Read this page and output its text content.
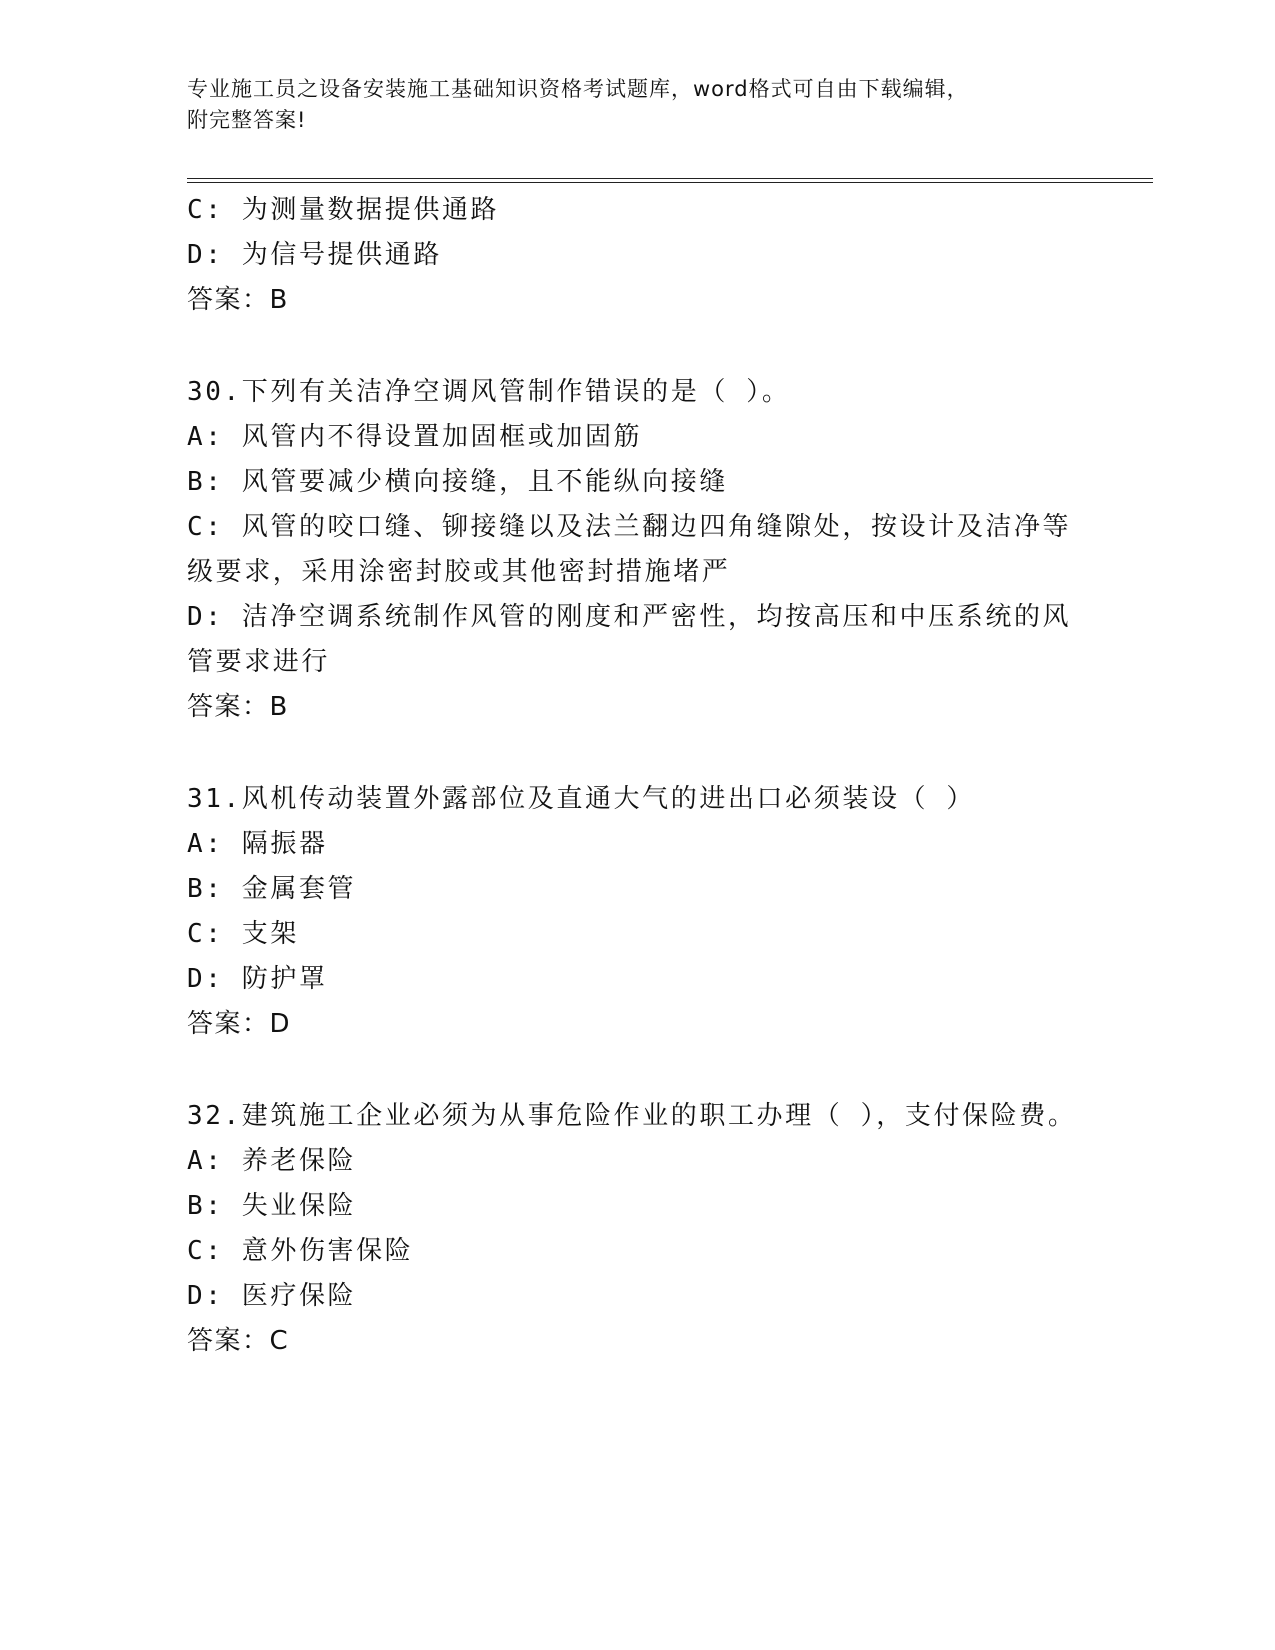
专业施工员之设备安装施工基础知识资格考试题库，word格式可自由下载编辑，

附完整答案!

C: 为测量数据提供通路

D: 为信号提供通路

答案：B

30.下列有关洁净空调风管制作错误的是（ ）。

A: 风管内不得设置加固框或加固筋

B: 风管要减少横向接缝，且不能纵向接缝

C: 风管的咬口缝、铆接缝以及法兰翻边四角缝隙处，按设计及洁净等级要求，采用涂密封胶或其他密封措施堵严

D: 洁净空调系统制作风管的刚度和严密性，均按高压和中压系统的风管要求进行

答案：B

31.风机传动装置外露部位及直通大气的进出口必须装设（ ）

A: 隔振器

B: 金属套管

C: 支架

D: 防护罩

答案：D

32.建筑施工企业必须为从事危险作业的职工办理（ ），支付保险费。

A: 养老保险

B: 失业保险

C: 意外伤害保险

D: 医疗保险

答案：C
